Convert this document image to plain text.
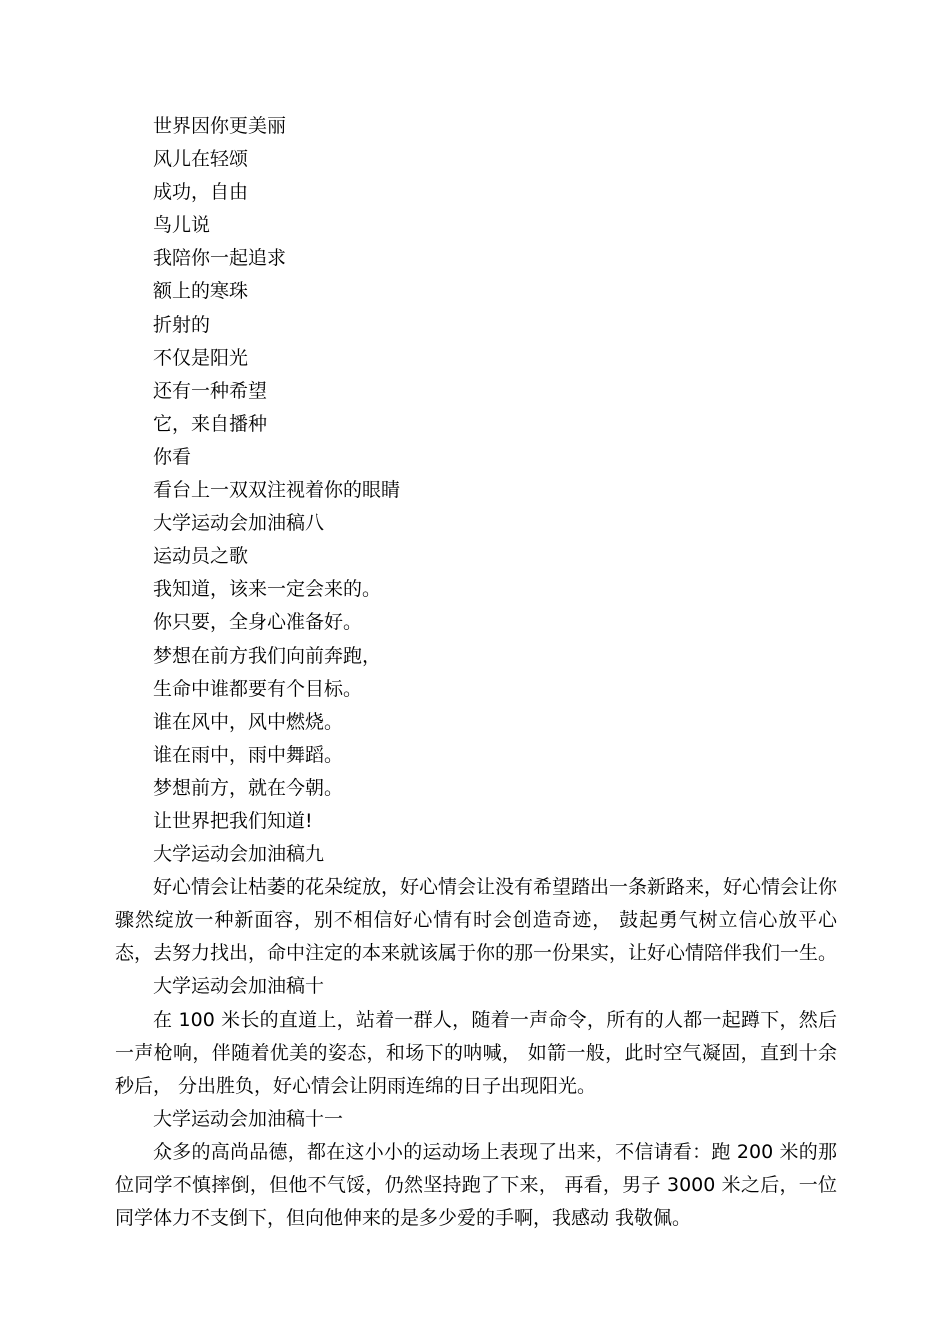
世界因你更美丽
风儿在轻颂
成功，自由
鸟儿说
我陪你一起追求
额上的寒珠
折射的
不仅是阳光
还有一种希望
它，来自播种
你看
看台上一双双注视着你的眼睛
大学运动会加油稿八
运动员之歌
我知道，该来一定会来的。
你只要，全身心准备好。
梦想在前方我们向前奔跑，
生命中谁都要有个目标。
谁在风中，风中燃烧。
谁在雨中，雨中舞蹈。
梦想前方，就在今朝。
让世界把我们知道!
大学运动会加油稿九

好心情会让枯萎的花朵绽放，好心情会让没有希望踏出一条新路来，好心情会让你骤然绽放一种新面容，别不相信好心情有时会创造奇迹， 鼓起勇气树立信心放平心态，去努力找出，命中注定的本来就该属于你的那一份果实，让好心情陪伴我们一生。

大学运动会加油稿十

在 100 米长的直道上，站着一群人，随着一声命令，所有的人都一起蹲下，然后一声枪响，伴随着优美的姿态，和场下的呐喊， 如箭一般，此时空气凝固，直到十余秒后， 分出胜负，好心情会让阴雨连绵的日子出现阳光。

大学运动会加油稿十一

众多的高尚品德，都在这小小的运动场上表现了出来，不信请看：跑 200 米的那位同学不慎摔倒，但他不气馁，仍然坚持跑了下来， 再看，男子 3000 米之后，一位同学体力不支倒下，但向他伸来的是多少爱的手啊，我感动 我敬佩。
